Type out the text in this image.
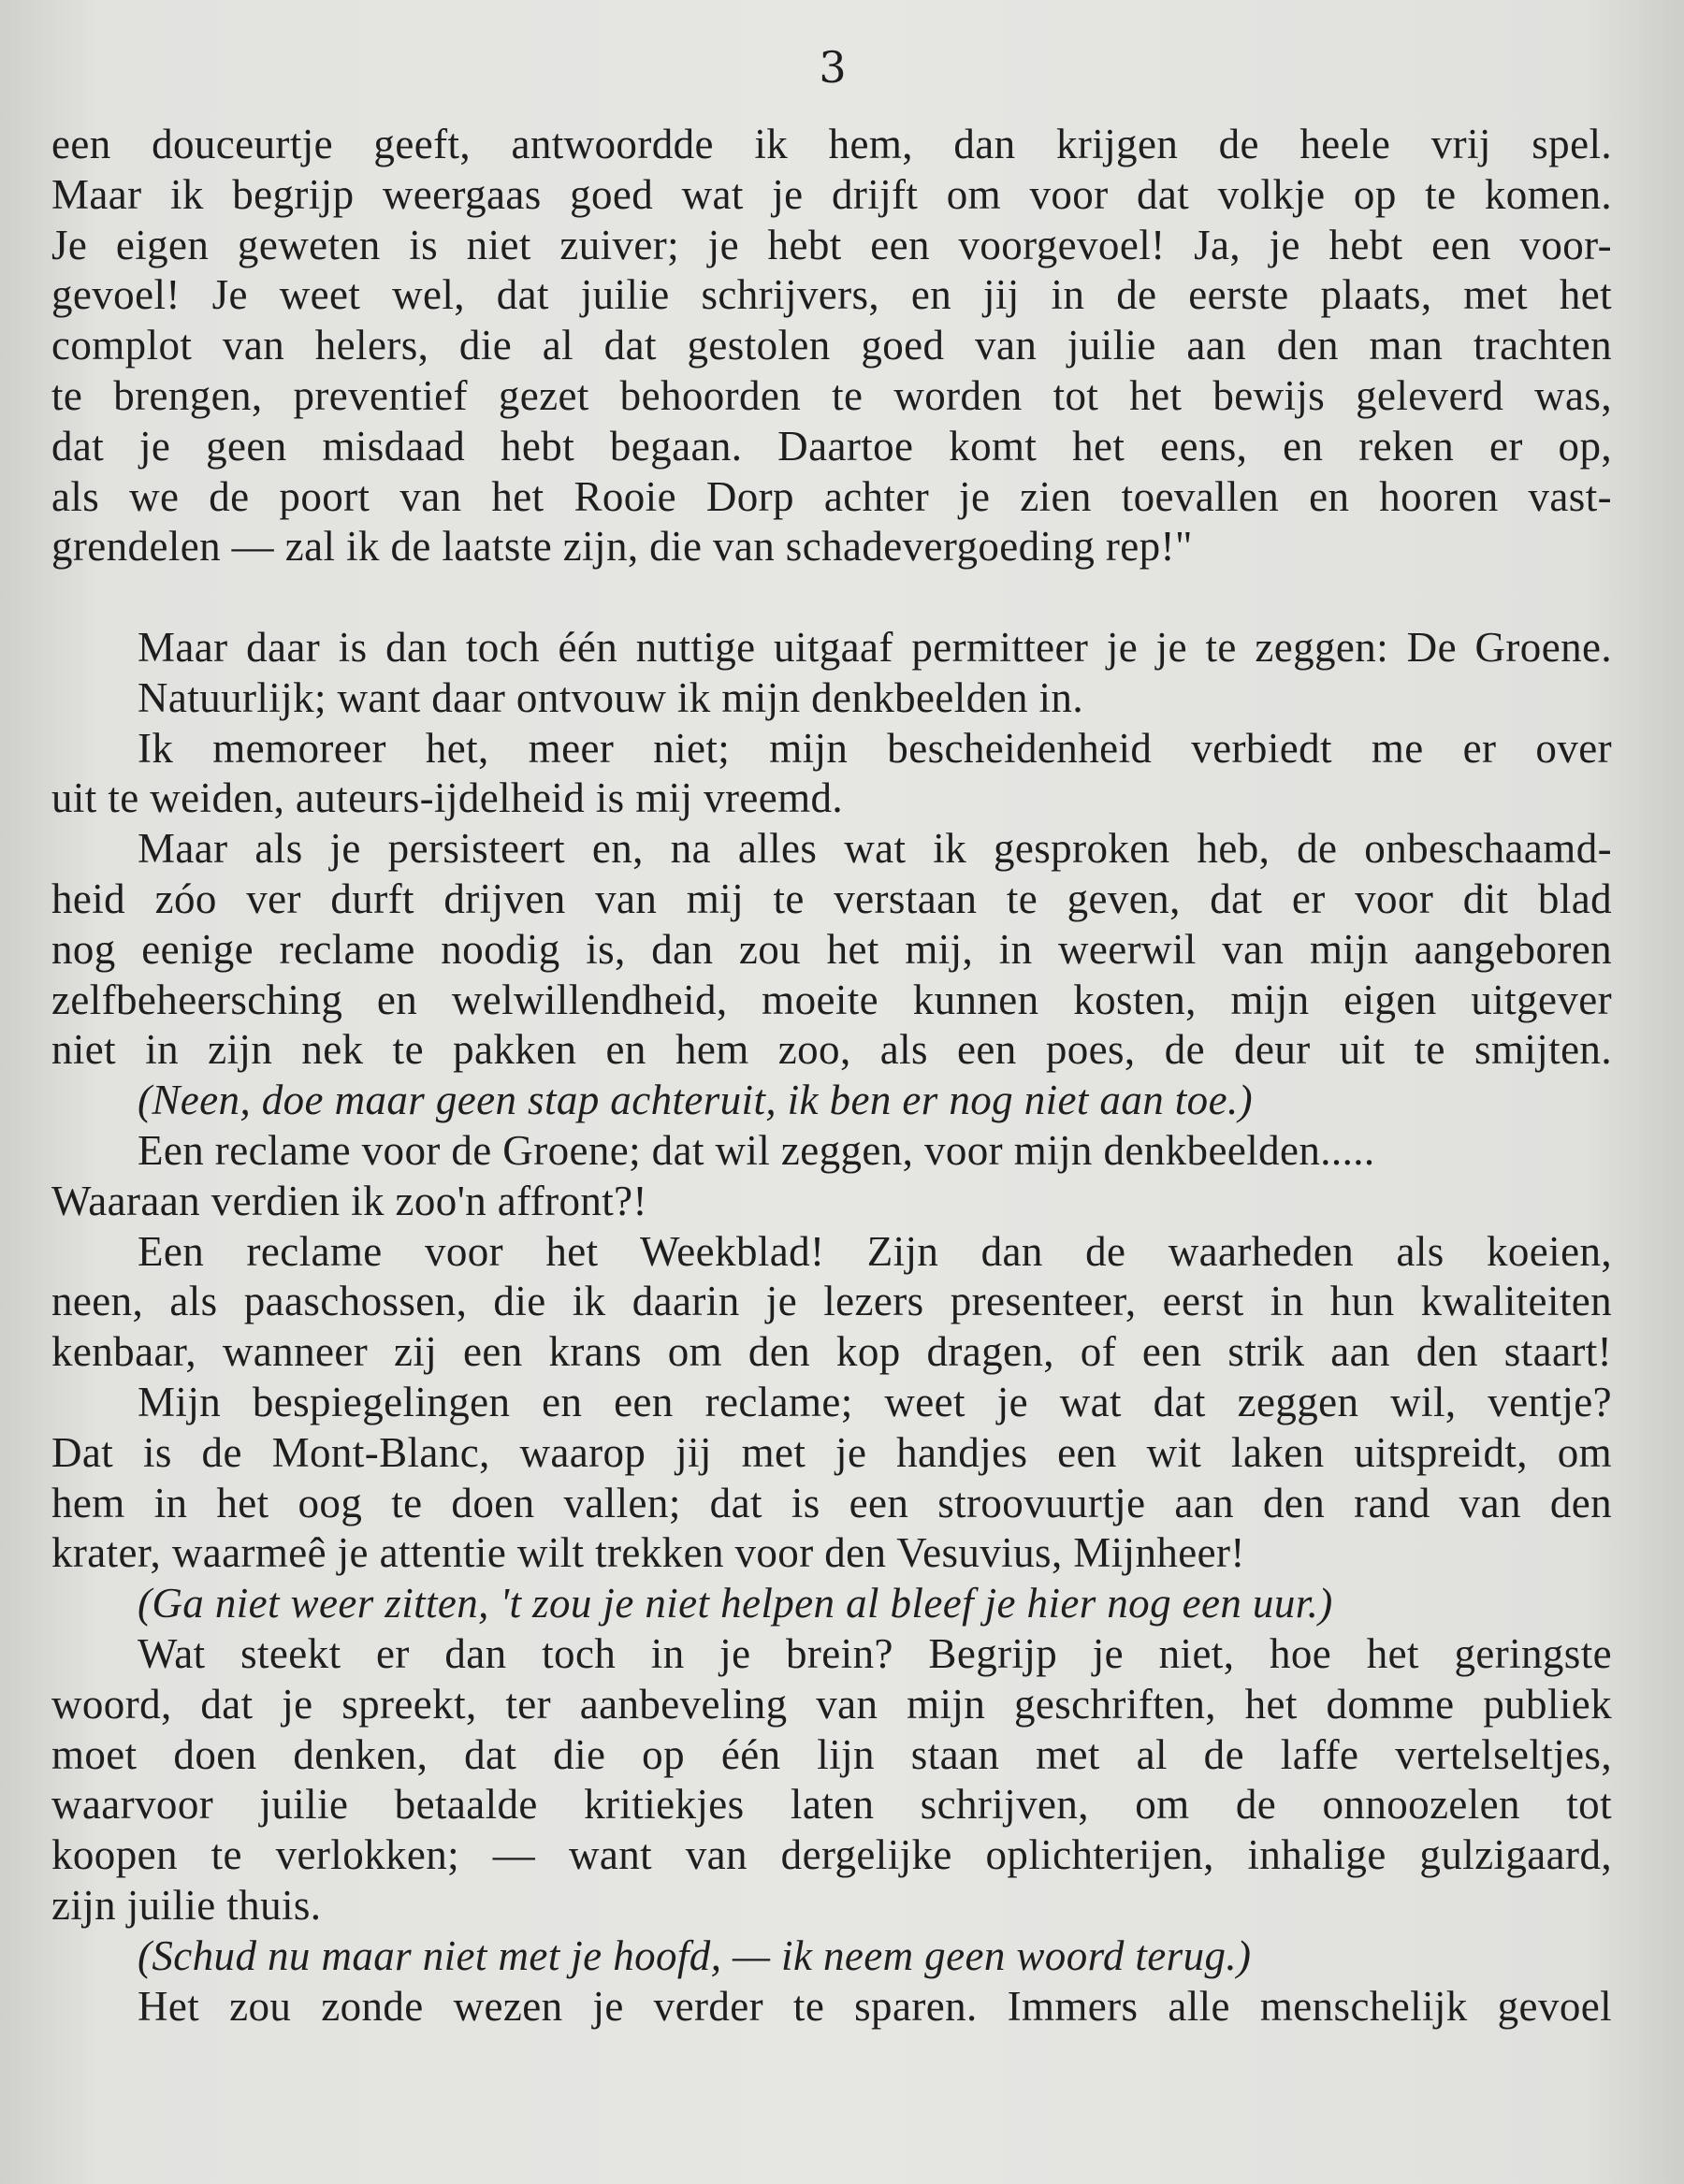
3
een douceurtje geeft, antwoordde ik hem, dan krijgen de heele vrij spel.
Maar ik begrijp weergaas goed wat je drijft om voor dat volkje op te komen.
Je eigen geweten is niet zuiver; je hebt een voorgevoel! Ja, je hebt een voor-
gevoel! Je weet wel, dat juilie schrijvers, en jij in de eerste plaats, met het
complot van helers, die al dat gestolen goed van juilie aan den man trachten
te brengen, preventief gezet behoorden te worden tot het bewijs geleverd was,
dat je geen misdaad hebt begaan. Daartoe komt het eens, en reken er op,
als we de poort van het Rooie Dorp achter je zien toevallen en hooren vast-
grendelen — zal ik de laatste zijn, die van schadevergoeding rep!"
Maar daar is dan toch één nuttige uitgaaf permitteer je je te zeggen: De Groene.
Natuurlijk; want daar ontvouw ik mijn denkbeelden in.
Ik memoreer het, meer niet; mijn bescheidenheid verbiedt me er over
uit te weiden, auteurs-ijdelheid is mij vreemd.
Maar als je persisteert en, na alles wat ik gesproken heb, de onbeschaamd-
heid zóo ver durft drijven van mij te verstaan te geven, dat er voor dit blad
nog eenige reclame noodig is, dan zou het mij, in weerwil van mijn aangeboren
zelfbeheersching en welwillendheid, moeite kunnen kosten, mijn eigen uitgever
niet in zijn nek te pakken en hem zoo, als een poes, de deur uit te smijten.
(Neen, doe maar geen stap achteruit, ik ben er nog niet aan toe.)
Een reclame voor de Groene; dat wil zeggen, voor mijn denkbeelden.....
Waaraan verdien ik zoo'n affront?!
Een reclame voor het Weekblad! Zijn dan de waarheden als koeien,
neen, als paaschossen, die ik daarin je lezers presenteer, eerst in hun kwaliteiten
kenbaar, wanneer zij een krans om den kop dragen, of een strik aan den staart!
Mijn bespiegelingen en een reclame; weet je wat dat zeggen wil, ventje?
Dat is de Mont-Blanc, waarop jij met je handjes een wit laken uitspreidt, om
hem in het oog te doen vallen; dat is een stroovuurtje aan den rand van den
krater, waarmeê je attentie wilt trekken voor den Vesuvius, Mijnheer!
(Ga niet weer zitten, 't zou je niet helpen al bleef je hier nog een uur.)
Wat steekt er dan toch in je brein? Begrijp je niet, hoe het geringste
woord, dat je spreekt, ter aanbeveling van mijn geschriften, het domme publiek
moet doen denken, dat die op één lijn staan met al de laffe vertelseltjes,
waarvoor juilie betaalde kritiekjes laten schrijven, om de onnoozelen tot
koopen te verlokken; — want van dergelijke oplichterijen, inhalige gulzigaard,
zijn juilie thuis.
(Schud nu maar niet met je hoofd, — ik neem geen woord terug.)
Het zou zonde wezen je verder te sparen. Immers alle menschelijk gevoel
